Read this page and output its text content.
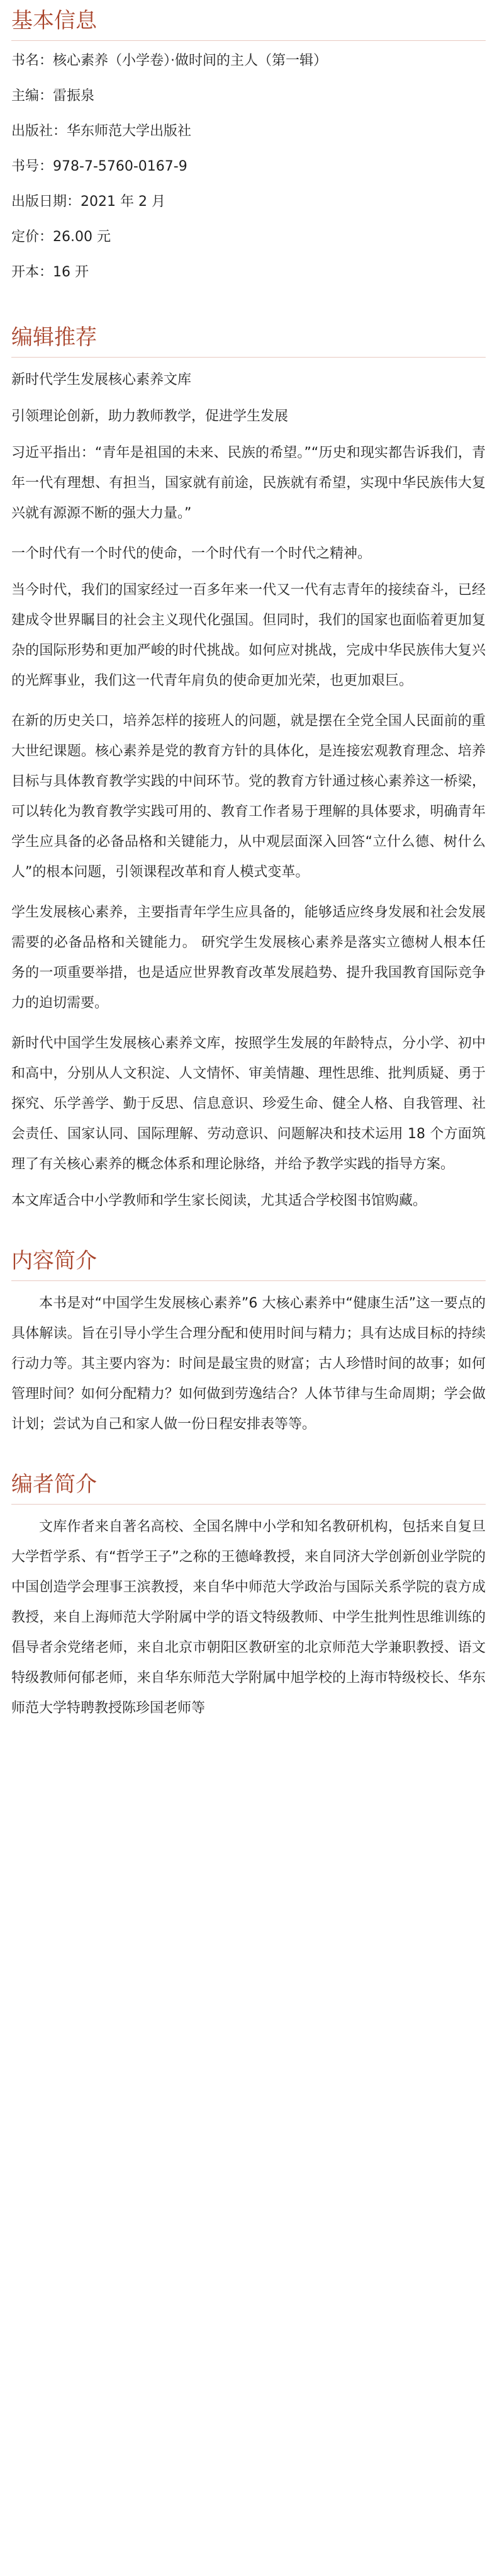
基本信息
书名：核心素养（小学卷）·做时间的主人（第一辑）
主编：雷振泉
出版社：华东师范大学出版社
书号：978-7-5760-0167-9
出版日期：2021 年 2 月
定价：26.00 元
开本：16 开
编辑推荐

新时代学生发展核心素养文库

引领理论创新，助力教师教学，促进学生发展

习近平指出：“青年是祖国的未来、民族的希望。”“历史和现实都告诉我们，青年一代有理想、有担当，国家就有前途，民族就有希望，实现中华民族伟大复兴就有源源不断的强大力量。”

一个时代有一个时代的使命，一个时代有一个时代之精神。

当今时代，我们的国家经过一百多年来一代又一代有志青年的接续奋斗，已经建成令世界瞩目的社会主义现代化强国。但同时，我们的国家也面临着更加复杂的国际形势和更加严峻的时代挑战。如何应对挑战，完成中华民族伟大复兴的光辉事业，我们这一代青年肩负的使命更加光荣，也更加艰巨。

在新的历史关口，培养怎样的接班人的问题，就是摆在全党全国人民面前的重大世纪课题。核心素养是党的教育方针的具体化，是连接宏观教育理念、培养目标与具体教育教学实践的中间环节。党的教育方针通过核心素养这一桥梁，可以转化为教育教学实践可用的、教育工作者易于理解的具体要求，明确青年学生应具备的必备品格和关键能力，从中观层面深入回答“立什么德、树什么人”的根本问题，引领课程改革和育人模式变革。

学生发展核心素养，主要指青年学生应具备的，能够适应终身发展和社会发展需要的必备品格和关键能力。 研究学生发展核心素养是落实立德树人根本任务的一项重要举措，也是适应世界教育改革发展趋势、提升我国教育国际竞争力的迫切需要。

新时代中国学生发展核心素养文库，按照学生发展的年龄特点，分小学、初中和高中，分别从人文积淀、人文情怀、审美情趣、理性思维、批判质疑、勇于探究、乐学善学、勤于反思、信息意识、珍爱生命、健全人格、自我管理、社会责任、国家认同、国际理解、劳动意识、问题解决和技术运用 18 个方面筑理了有关核心素养的概念体系和理论脉络，并给予教学实践的指导方案。

本文库适合中小学教师和学生家长阅读，尤其适合学校图书馆购藏。

内容简介

本书是对“中国学生发展核心素养”6 大核心素养中“健康生活”这一要点的具体解读。旨在引导小学生合理分配和使用时间与精力；具有达成目标的持续行动力等。其主要内容为：时间是最宝贵的财富；古人珍惜时间的故事；如何管理时间？如何分配精力？如何做到劳逸结合？人体节律与生命周期；学会做计划；尝试为自己和家人做一份日程安排表等等。

编者简介

文库作者来自著名高校、全国名牌中小学和知名教研机构，包括来自复旦大学哲学系、有“哲学王子”之称的王德峰教授，来自同济大学创新创业学院的中国创造学会理事王滨教授，来自华中师范大学政治与国际关系学院的袁方成教授，来自上海师范大学附属中学的语文特级教师、中学生批判性思维训练的倡导者余党绪老师，来自北京市朝阳区教研室的北京师范大学兼职教授、语文特级教师何郁老师，来自华东师范大学附属中旭学校的上海市特级校长、华东师范大学特聘教授陈珍国老师等
